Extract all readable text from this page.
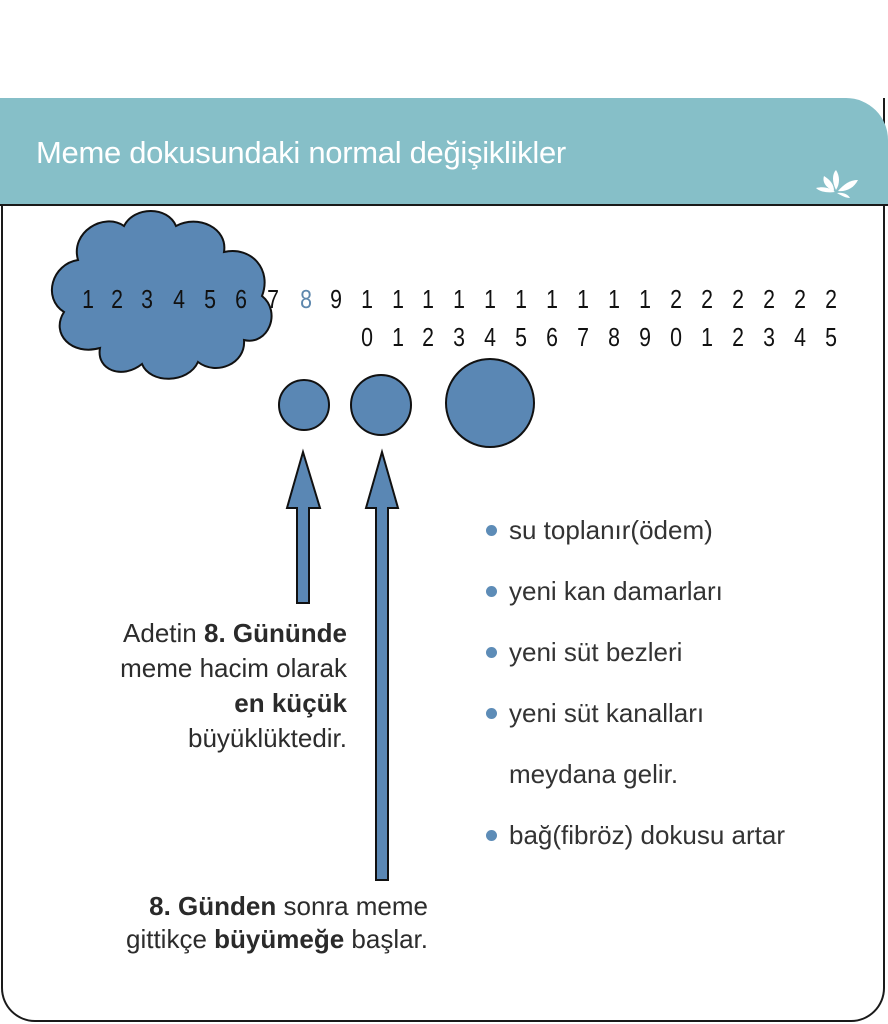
Meme dokusundaki normal değişiklikler
1 2 3 4 5 6 7 8 9 1
0
1
1
1
2
1
3
1
4
1
5
1
6
1
7
1
8
1
9
2
0
2
1
2
2
2
3
2
4
2
5
su toplanır(ödem)
yeni kan damarları
yeni süt bezleri
yeni süt kanalları
meydana gelir.
bağ(fibröz) dokusu artar
Adetin 8. Gününde
meme hacim olarak
en küçük
büyüklüktedir.
8. Günden sonra meme
gittikçe büyümeğe başlar.
